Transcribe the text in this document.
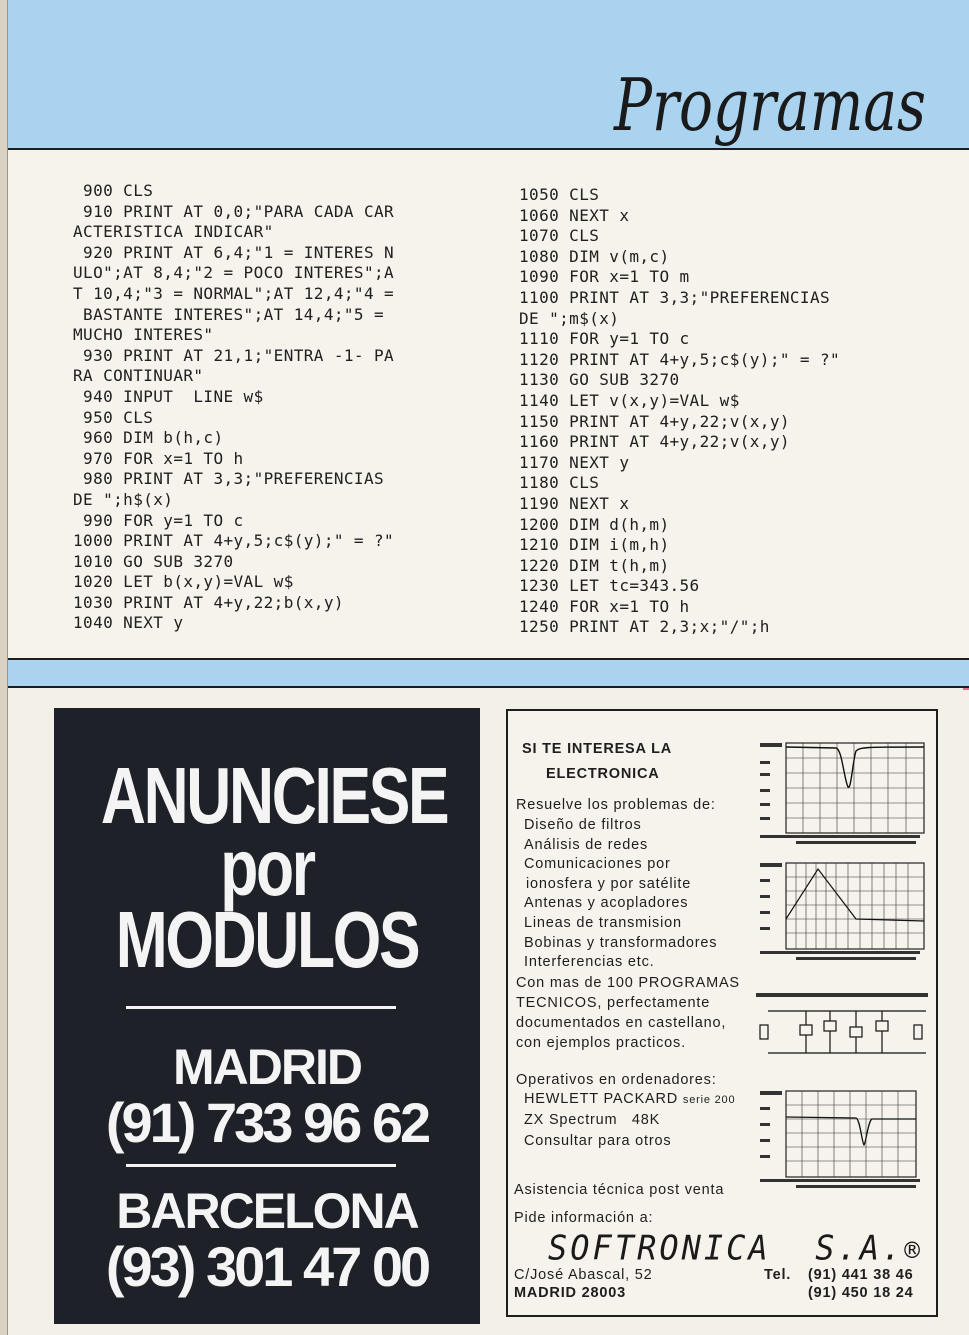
Programas
900 CLS
910 PRINT AT 0,0;"PARA CADA CAR
ACTERISTICA INDICAR"
920 PRINT AT 6,4;"1 = INTERES N
ULO";AT 8,4;"2 = POCO INTERES";A
T 10,4;"3 = NORMAL";AT 12,4;"4 =
BASTANTE INTERES";AT 14,4;"5 =
MUCHO INTERES"
930 PRINT AT 21,1;"ENTRA -1- PA
RA CONTINUAR"
940 INPUT  LINE w$
950 CLS
960 DIM b(h,c)
970 FOR x=1 TO h
980 PRINT AT 3,3;"PREFERENCIAS
DE ";h$(x)
990 FOR y=1 TO c
1000 PRINT AT 4+y,5;c$(y);" = ?"
1010 GO SUB 3270
1020 LET b(x,y)=VAL w$
1030 PRINT AT 4+y,22;b(x,y)
1040 NEXT y
1050 CLS
1060 NEXT x
1070 CLS
1080 DIM v(m,c)
1090 FOR x=1 TO m
1100 PRINT AT 3,3;"PREFERENCIAS
DE ";m$(x)
1110 FOR y=1 TO c
1120 PRINT AT 4+y,5;c$(y);" = ?"
1130 GO SUB 3270
1140 LET v(x,y)=VAL w$
1150 PRINT AT 4+y,22;v(x,y)
1160 PRINT AT 4+y,22;v(x,y)
1170 NEXT y
1180 CLS
1190 NEXT x
1200 DIM d(h,m)
1210 DIM i(m,h)
1220 DIM t(h,m)
1230 LET tc=343.56
1240 FOR x=1 TO h
1250 PRINT AT 2,3;x;"/";h
ANUNCIESE
por
MODULOS
MADRID
(91) 733 96 62
BARCELONA
(93) 301 47 00
SI TE INTERESA LA
ELECTRONICA
Resuelve los problemas de:
Diseño de filtros
Análisis de redes
Comunicaciones por
ionosfera y por satélite
Antenas y acopladores
Lineas de transmision
Bobinas y transformadores
Interferencias etc.
Con mas de 100 PROGRAMAS
TECNICOS, perfectamente
documentados en castellano,
con ejemplos practicos.
Operativos en ordenadores:
HEWLETT PACKARD serie 200
ZX Spectrum   48K
Consultar para otros
Asistencia técnica post venta
Pide información a:
SOFTRONICA  S.A.®
C/José Abascal, 52
MADRID 28003
Tel. (91) 441 38 46
(91) 450 18 24
